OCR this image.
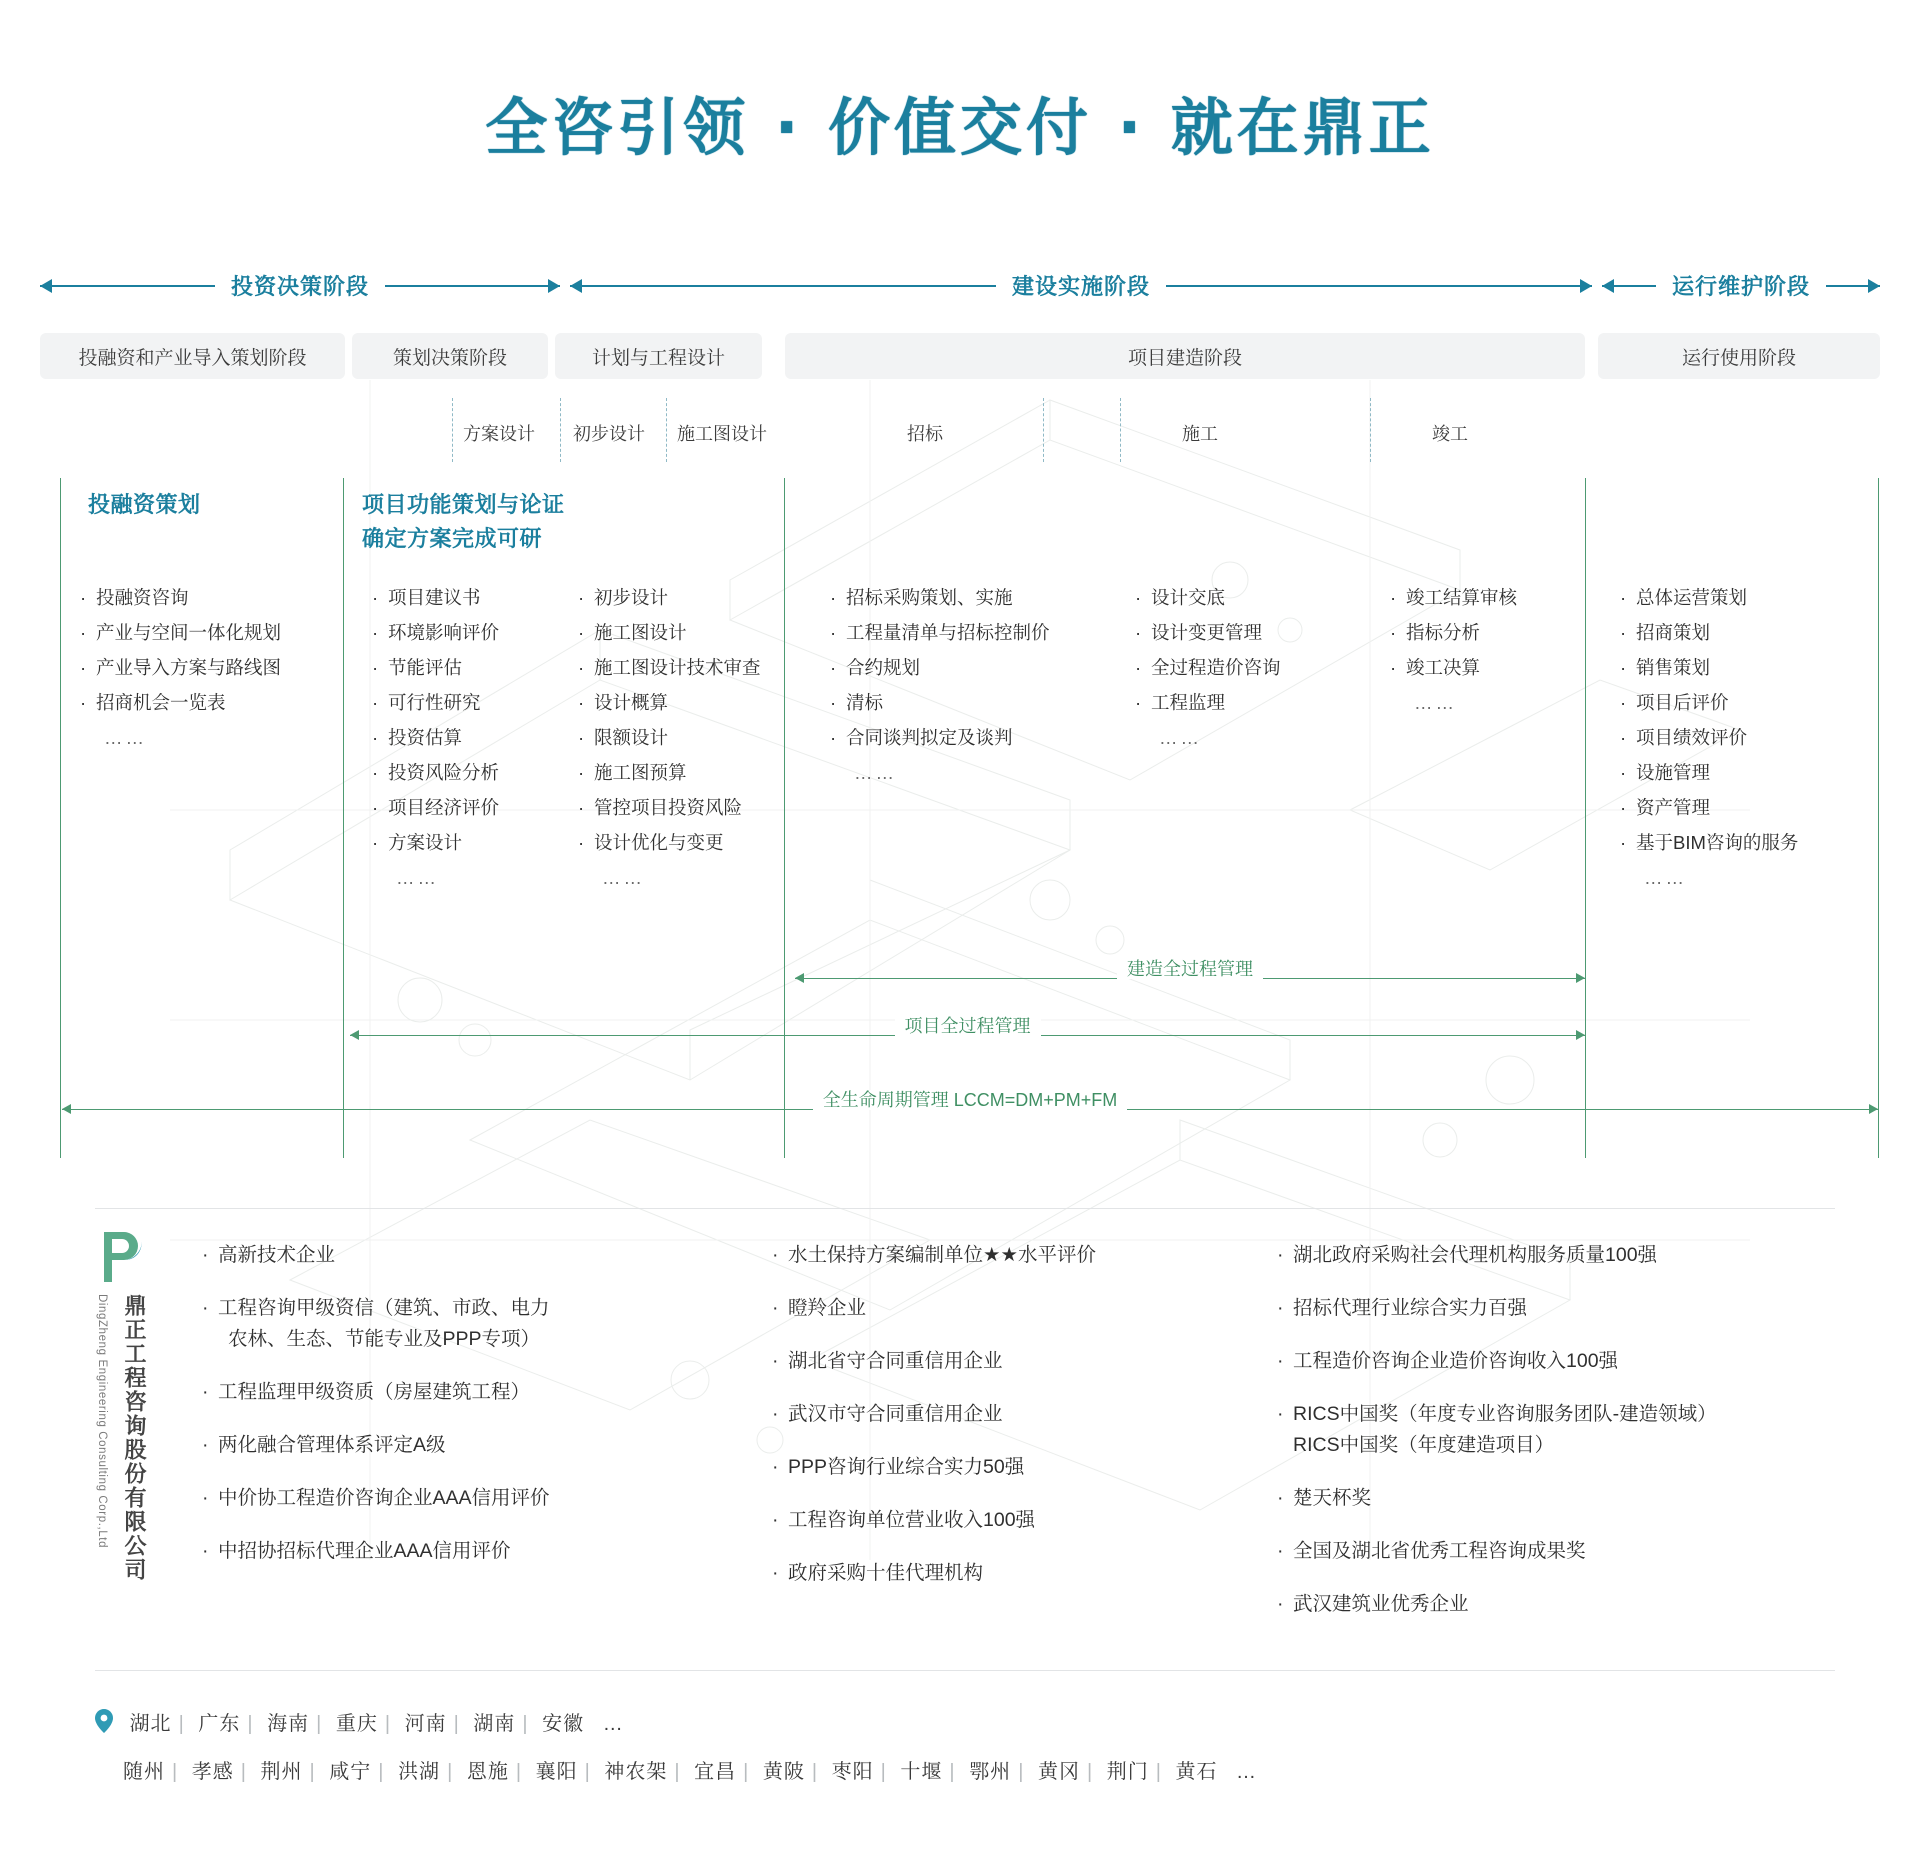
全咨引领 · 价值交付 · 就在鼎正
投资决策阶段	建设实施阶段	运行维护阶段
投融资和产业导入策划阶段	策划决策阶段	计划与工程设计	项目建造阶段	运行使用阶段
方案设计 初步设计 施工图设计	招标	施工	竣工
投融资策划
· 投融资咨询
· 产业与空间一体化规划
· 产业导入方案与路线图
· 招商机会一览表
……
项目功能策划与论证
确定方案完成可研
· 项目建议书
· 环境影响评价
· 节能评估
· 可行性研究
· 投资估算
· 投资风险分析
· 项目经济评价
· 方案设计
……
· 初步设计
· 施工图设计
· 施工图设计技术审查
· 设计概算
· 限额设计
· 施工图预算
· 管控项目投资风险
· 设计优化与变更
……
· 招标采购策划、实施
· 工程量清单与招标控制价
· 合约规划
· 清标
· 合同谈判拟定及谈判
……
· 设计交底
· 设计变更管理
· 全过程造价咨询
· 工程监理
……
· 竣工结算审核
· 指标分析
· 竣工决算
……
· 总体运营策划
· 招商策划
· 销售策划
· 项目后评价
· 项目绩效评价
· 设施管理
· 资产管理
· 基于BIM咨询的服务
……
建造全过程管理
项目全过程管理
全生命周期管理 LCCM=DM+PM+FM
鼎正工程咨询股份有限公司
DingZheng Engineering Consulting Corp.,Ltd
· 高新技术企业
· 工程咨询甲级资信（建筑、市政、电力
农林、生态、节能专业及PPP专项）
· 工程监理甲级资质（房屋建筑工程）
· 两化融合管理体系评定A级
· 中价协工程造价咨询企业AAA信用评价
· 中招协招标代理企业AAA信用评价
· 水土保持方案编制单位★★水平评价
· 瞪羚企业
· 湖北省守合同重信用企业
· 武汉市守合同重信用企业
· PPP咨询行业综合实力50强
· 工程咨询单位营业收入100强
· 政府采购十佳代理机构
· 湖北政府采购社会代理机构服务质量100强
· 招标代理行业综合实力百强
· 工程造价咨询企业造价咨询收入100强
· RICS中国奖（年度专业咨询服务团队-建造领域）
RICS中国奖（年度建造项目）
· 楚天杯奖
· 全国及湖北省优秀工程咨询成果奖
· 武汉建筑业优秀企业
湖北 | 广东 | 海南 | 重庆 | 河南 | 湖南 | 安徽 …
随州 | 孝感 | 荆州 | 咸宁 | 洪湖 | 恩施 | 襄阳 | 神农架 | 宜昌 | 黄陂 | 枣阳 | 十堰 | 鄂州 | 黄冈 | 荆门 | 黄石 …
